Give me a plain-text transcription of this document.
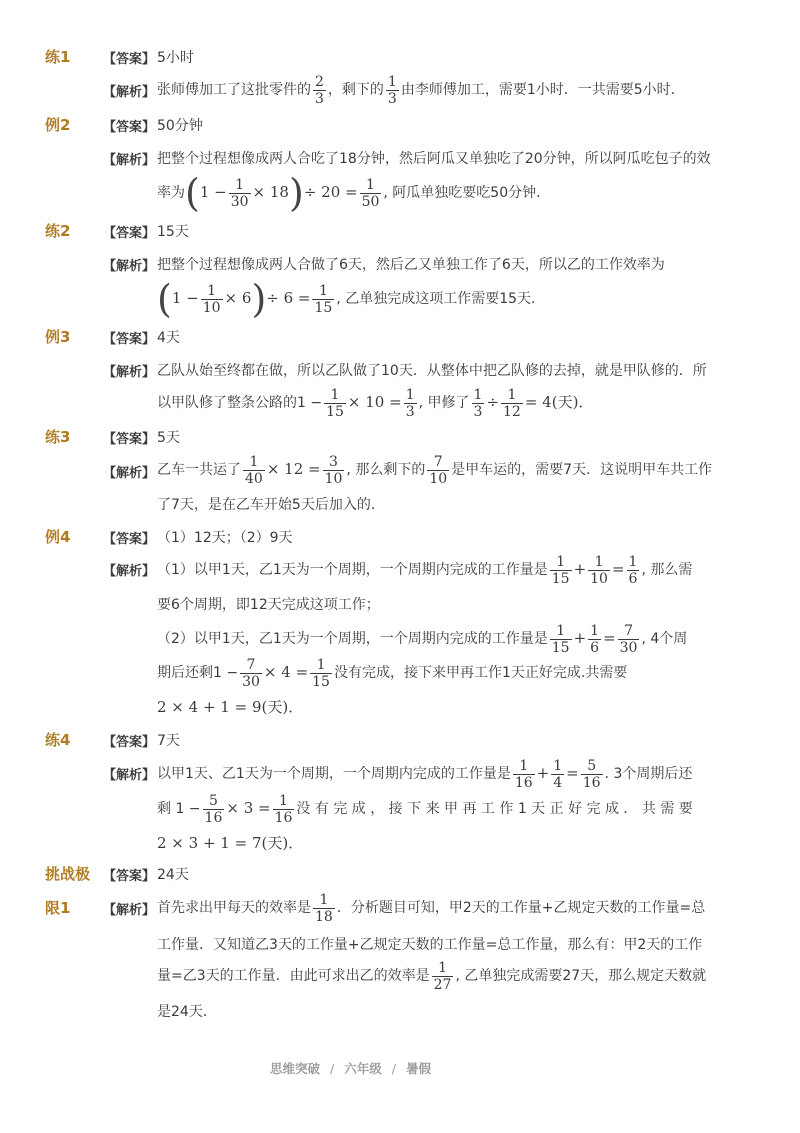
练1	【答案】 5小时
【解析】 张师傅加工了这批零件的 $\frac{2}{3}$ ，剩下的 $\frac{1}{3}$ 由李师傅加工，需要1小时．一共需要5小时．
例2	【答案】 50分钟
【解析】 把整个过程想像成两人合吃了18分钟，然后阿瓜又单独吃了20分钟，所以阿瓜吃包子的效
率为$(1 - \frac{1}{30} \times 18)\div 20 = \frac{1}{50}$ , 阿瓜单独吃要吃50分钟．
练2	【答案】 15天
【解析】 把整个过程想像成两人合做了6天，然后乙又单独工作了6天，所以乙的工作效率为
$(1 - \frac{1}{10} \times 6)\div 6 = \frac{1}{15}$ , 乙单独完成这项工作需要15天．
例3	【答案】 4天
【解析】 乙队从始至终都在做，所以乙队做了10天．从整体中把乙队修的去掉，就是甲队修的．所
以甲队修了整条公路的$1 - \frac{1}{15} \times 10 = \frac{1}{3}$ , 甲修了 $\frac{1}{3} \div \frac{1}{12} = 4$(天)．
练3	【答案】 5天
【解析】 乙车一共运了 $\frac{1}{40} \times 12 = \frac{3}{10}$ , 那么剩下的 $\frac{7}{10}$ 是甲车运的，需要7天．这说明甲车共工作
了7天，是在乙车开始5天后加入的．
例4	【答案】 （1）12天；（2）9天
【解析】 （1）以甲1天，乙1天为一个周期，一个周期内完成的工作量是 $\frac{1}{15} + \frac{1}{10} = \frac{1}{6}$ , 那么需
要6个周期，即12天完成这项工作；
（2）以甲1天，乙1天为一个周期，一个周期内完成的工作量是 $\frac{1}{15} + \frac{1}{6} = \frac{7}{30}$ , 4个周
期后还剩$1 - \frac{7}{30} \times 4 = \frac{1}{15}$ 没有完成，接下来甲再工作1天正好完成.共需要
2 × 4 + 1 = 9(天)．
练4	【答案】 7天
【解析】 以甲1天、乙1天为一个周期，一个周期内完成的工作量是 $\frac{1}{16} + \frac{1}{4} = \frac{5}{16}$ . 3个周期后还
剩 $1 - \frac{5}{16} \times 3 = \frac{1}{16}$ 没 有 完 成 ， 接 下 来 甲 再 工 作 1 天 正 好 完 成 ． 共 需 要
2 × 3 + 1 = 7(天)．
挑战极
限1
【答案】 24天
【解析】 首先求出甲每天的效率是 $\frac{1}{18}$ ．分析题目可知，甲2天的工作量+乙规定天数的工作量=总
工作量．又知道乙3天的工作量+乙规定天数的工作量=总工作量，那么有：甲2天的工作
量=乙3天的工作量．由此可求出乙的效率是 $\frac{1}{27}$ , 乙单独完成需要27天，那么规定天数就
是24天．
思维突破 / 六年级 / 暑假
